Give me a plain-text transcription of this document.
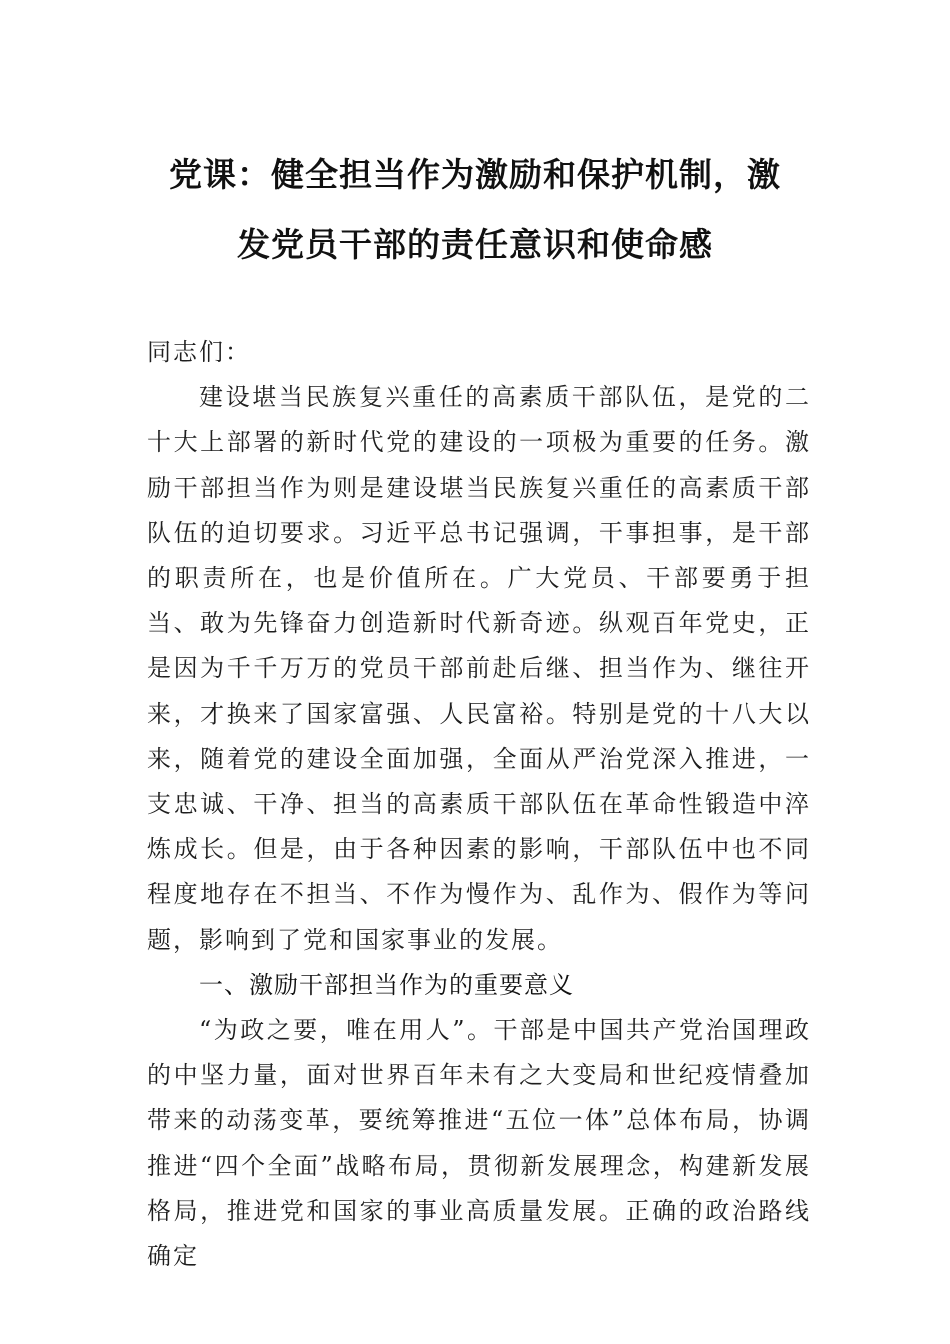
党课：健全担当作为激励和保护机制，激
发党员干部的责任意识和使命感

同志们：

建设堪当民族复兴重任的高素质干部队伍，是党的二十大上部署的新时代党的建设的一项极为重要的任务。激励干部担当作为则是建设堪当民族复兴重任的高素质干部队伍的迫切要求。习近平总书记强调，干事担事，是干部的职责所在，也是价值所在。广大党员、干部要勇于担当、敢为先锋奋力创造新时代新奇迹。纵观百年党史，正是因为千千万万的党员干部前赴后继、担当作为、继往开来，才换来了国家富强、人民富裕。特别是党的十八大以来，随着党的建设全面加强，全面从严治党深入推进，一支忠诚、干净、担当的高素质干部队伍在革命性锻造中淬炼成长。但是，由于各种因素的影响，干部队伍中也不同程度地存在不担当、不作为慢作为、乱作为、假作为等问题，影响到了党和国家事业的发展。

一、激励干部担当作为的重要意义

“为政之要，唯在用人”。干部是中国共产党治国理政的中坚力量，面对世界百年未有之大变局和世纪疫情叠加带来的动荡变革，要统筹推进“五位一体”总体布局，协调推进“四个全面”战略布局，贯彻新发展理念，构建新发展格局，推进党和国家的事业高质量发展。正确的政治路线确定
